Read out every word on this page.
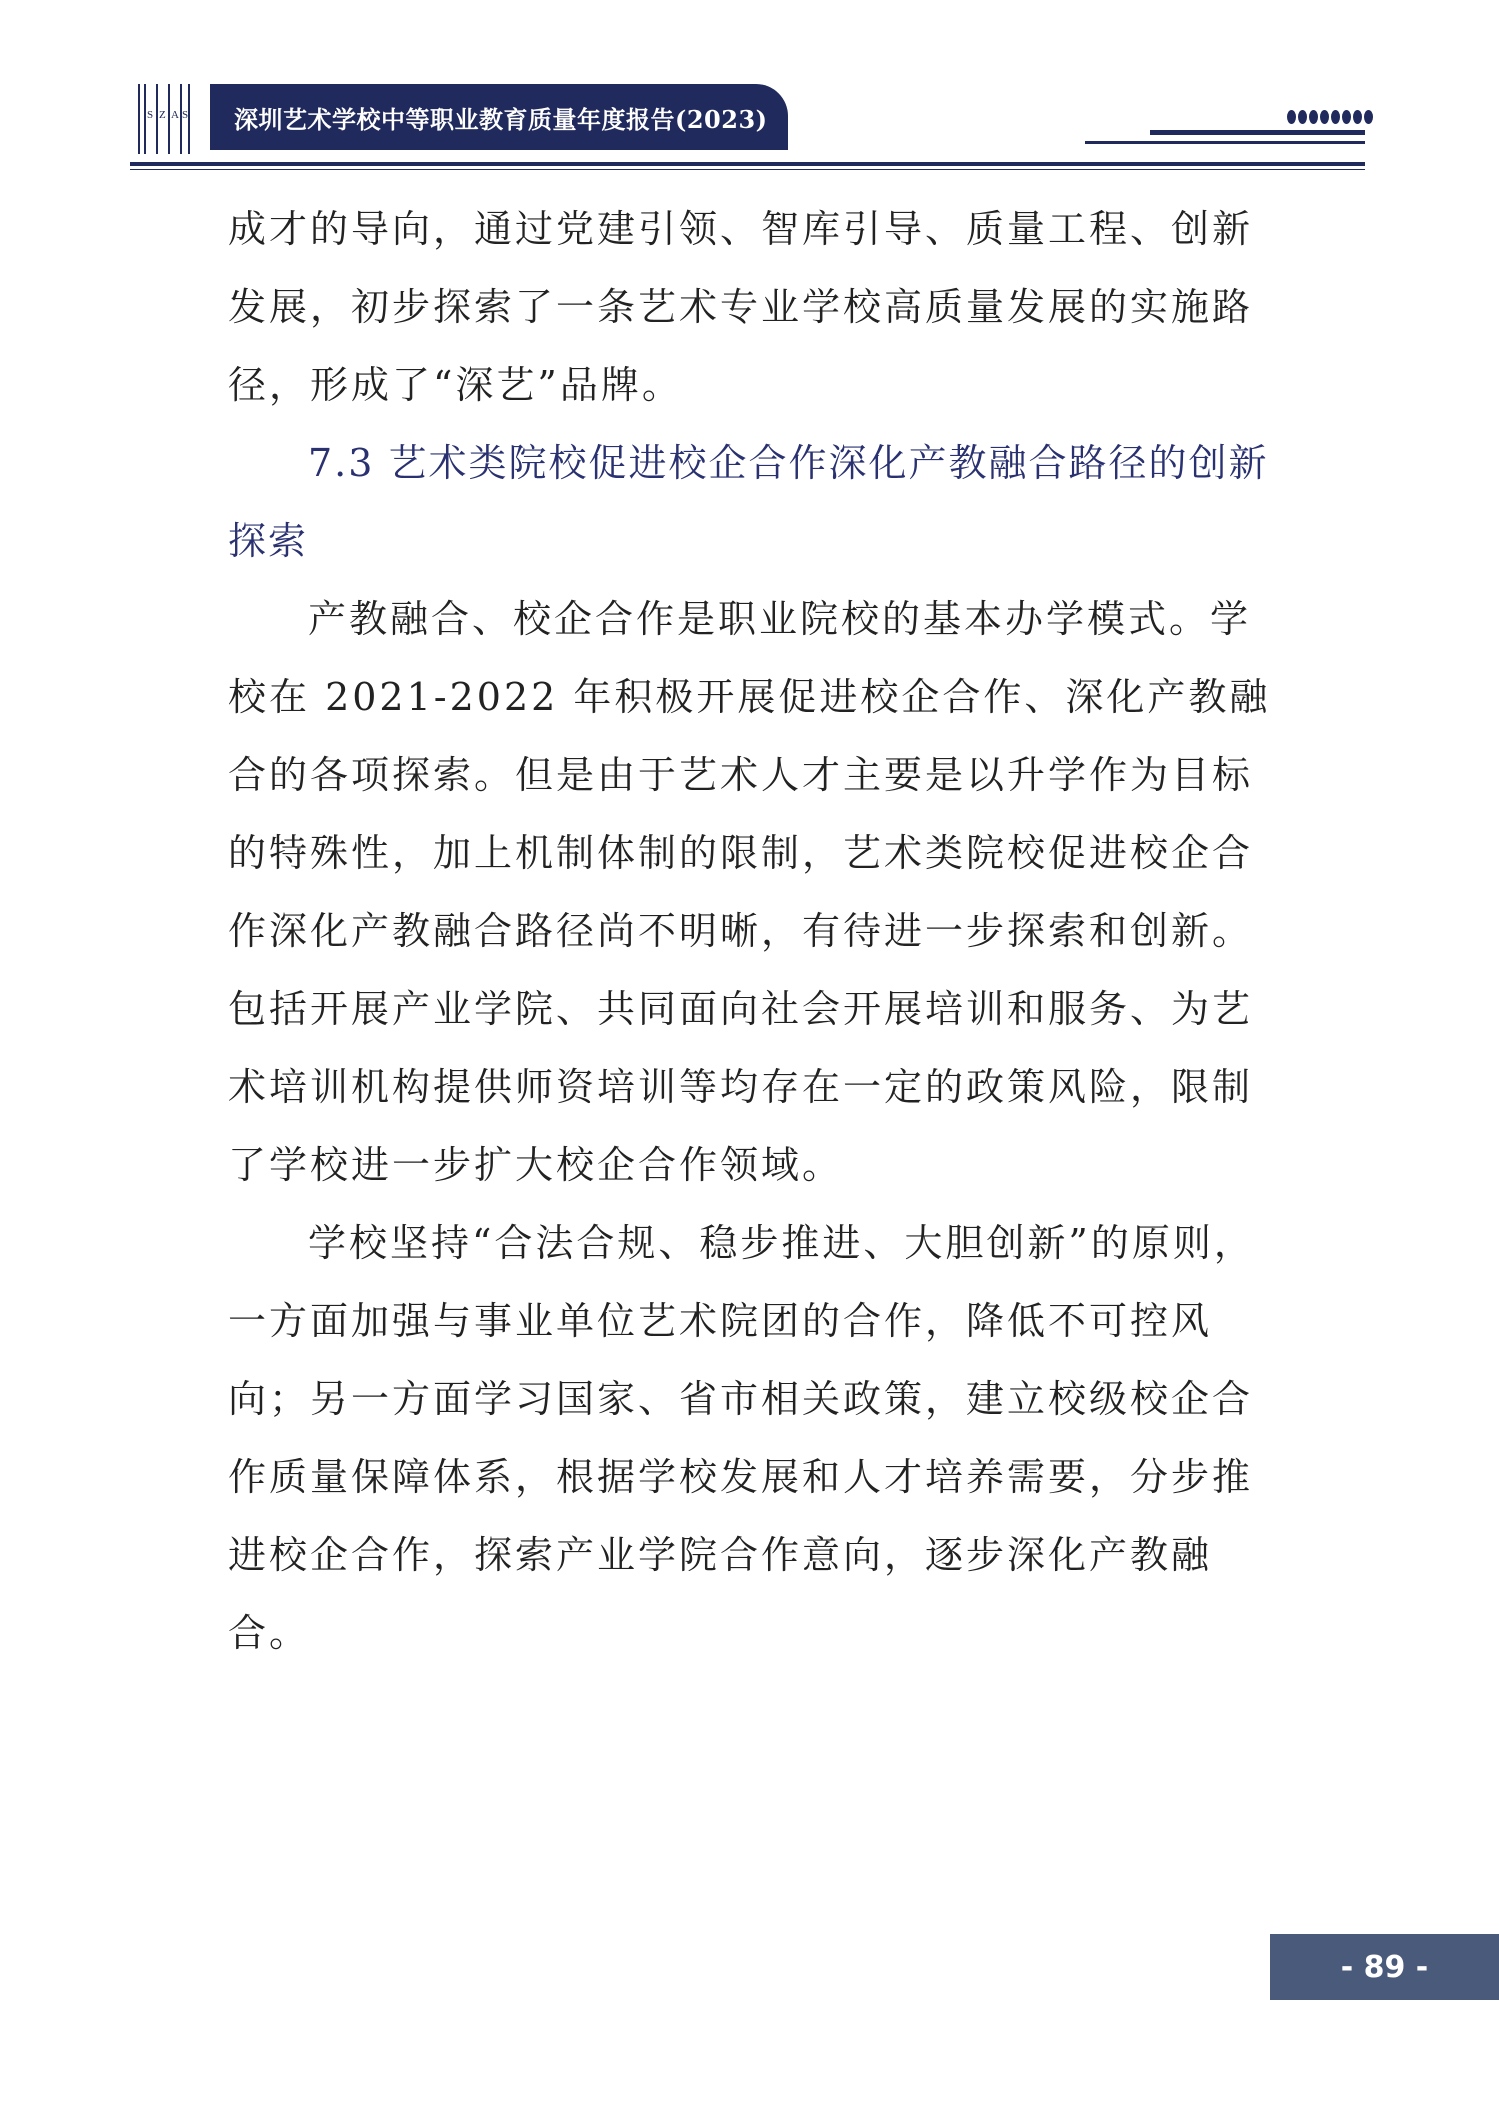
S Z A S 深圳艺术学校中等职业教育质量年度报告(2023)

成才的导向，通过党建引领、智库引导、质量工程、创新发展，初步探索了一条艺术专业学校高质量发展的实施路径，形成了“深艺”品牌。

7.3 艺术类院校促进校企合作深化产教融合路径的创新探索

产教融合、校企合作是职业院校的基本办学模式。学校在 2021-2022 年积极开展促进校企合作、深化产教融合的各项探索。但是由于艺术人才主要是以升学作为目标的特殊性，加上机制体制的限制，艺术类院校促进校企合作深化产教融合路径尚不明晰，有待进一步探索和创新。包括开展产业学院、共同面向社会开展培训和服务、为艺术培训机构提供师资培训等均存在一定的政策风险，限制了学校进一步扩大校企合作领域。

学校坚持“合法合规、稳步推进、大胆创新”的原则，一方面加强与事业单位艺术院团的合作，降低不可控风向；另一方面学习国家、省市相关政策，建立校级校企合作质量保障体系，根据学校发展和人才培养需要，分步推进校企合作，探索产业学院合作意向，逐步深化产教融合。

- 89 -
